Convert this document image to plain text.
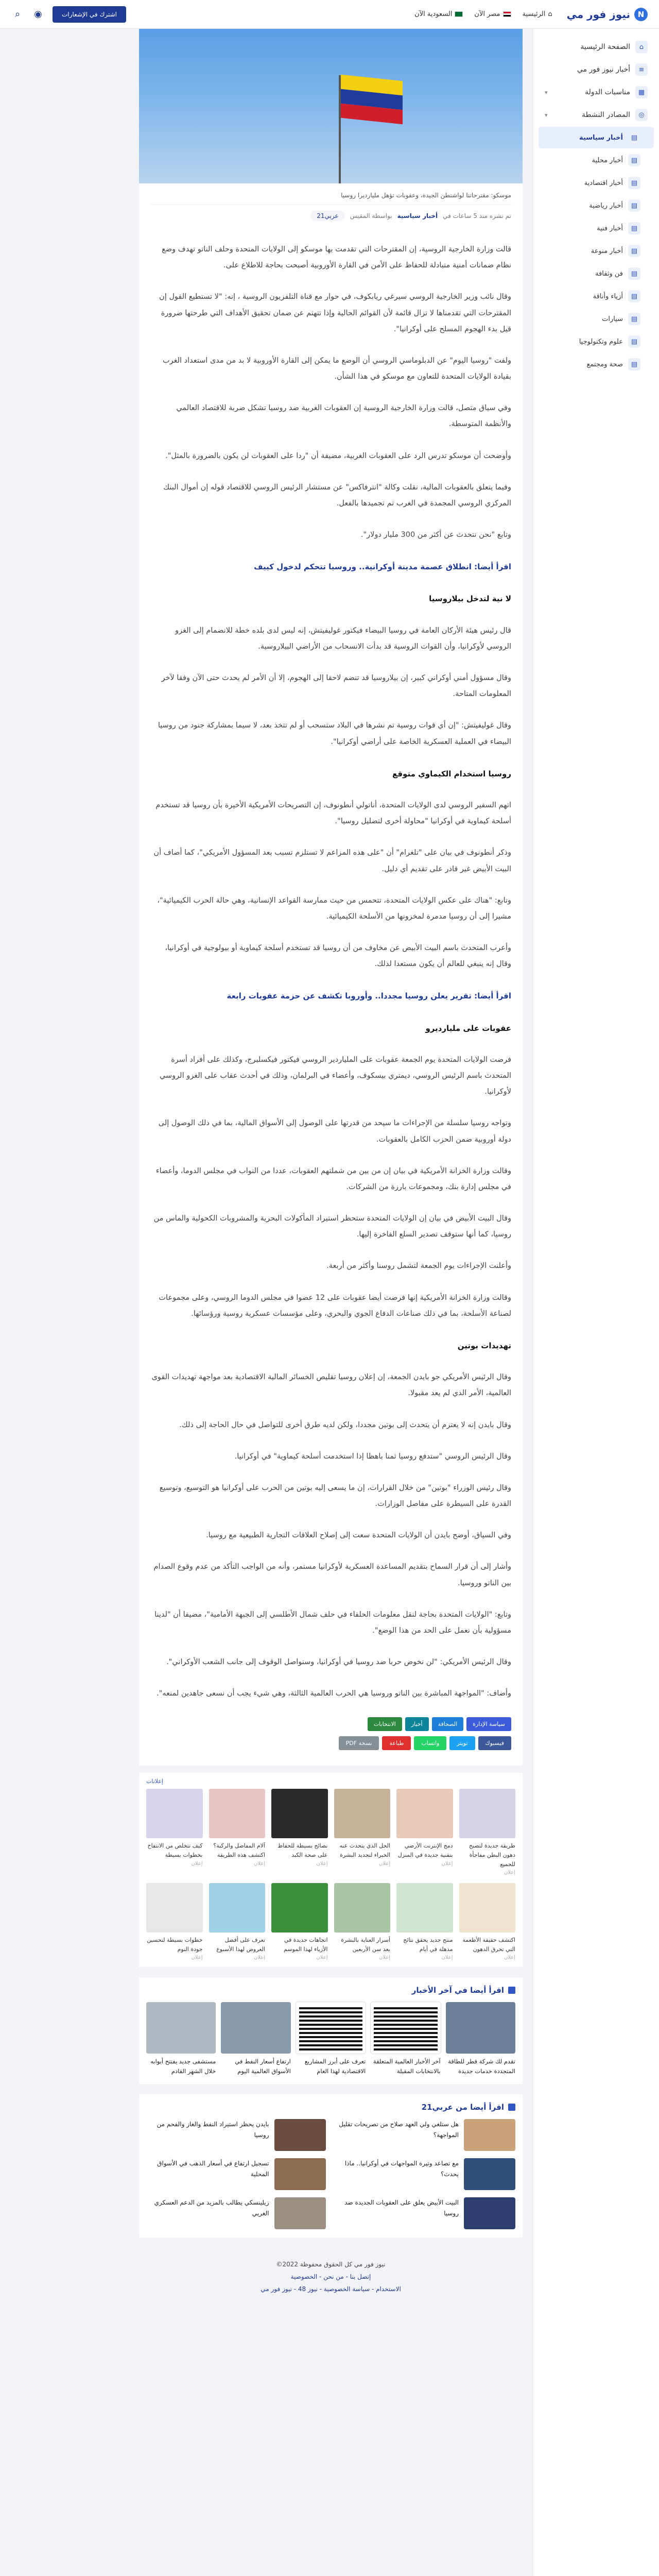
N
نيوز فور مي
⌂
الرئيسية
مصر الآن
السعودية الآن
اشترك في الإشعارات
◉
⌕
⌂
الصفحة الرئيسية
≡
أخبار نيوز فور مي
▦
مناسبات الدولة
▾
◎
المصادر النشطة
▾
▤
أخبار سياسية
▤
أخبار محلية
▤
أخبار اقتصادية
▤
أخبار رياضية
▤
أخبار فنية
▤
أخبار منوعة
▤
فن وثقافة
▤
أزياء وأناقة
▤
سيارات
▤
علوم وتكنولوجيا
▤
صحة ومجتمع
موسكو: مقترحاتنا لواشنطن الجيدة، وعقوبات تؤهل مليارديرا روسيا
تم نشره منذ 5 ساعات في
أخبار سياسية
بواسطة المقيس
عربي21

قالت وزارة الخارجية الروسية، إن المقترحات التي تقدمت بها موسكو إلى الولايات المتحدة وحلف الناتو تهدف وضع نظام ضمانات أمنية متبادلة للحفاظ على الأمن في القارة الأوروبية أصبحت بحاجة للاطلاع على.

وقال نائب وزير الخارجية الروسي سيرغي ريابكوف، في حوار مع قناة التلفزيون الروسية ، إنه: "لا تستطيع القول إن المقترحات التي تقدمناها لا تزال قائمة لأن القوائم الحالية وإذا تتهتم عن ضمان تحقيق الأهداف التي طرحتها ضرورة قيل بدء الهجوم المسلح على أوكرانيا".

ولفت "روسيا اليوم" عن الدبلوماسي الروسي أن الوضع ما يمكن إلى القارة الأوروبية لا بد من مدى استعداد الغرب بقيادة الولايات المتحدة للتعاون مع موسكو في هذا الشأن.

وفي سياق متصل، قالت وزارة الخارجية الروسية إن العقوبات الغربية ضد روسيا تشكل ضربة للاقتصاد العالمي والأنظمة المتوسطة.

وأوضحت أن موسكو تدرس الرد على العقوبات الغربية، مضيفة أن "ردا على العقوبات لن يكون بالضرورة بالمثل".

وفيما يتعلق بالعقوبات المالية، نقلت وكالة "انترفاكس" عن مستشار الرئيس الروسي للاقتصاد قوله إن أموال البنك المركزي الروسي المجمدة في الغرب تم تجميدها بالفعل.

وتابع "نحن نتحدث عن أكثر من 300 مليار دولار".

اقرأ أيضا: انطلاق عصمة مدينة أوكرانية.. وروسيا تتحكم لدخول كييف
لا نية لتدخل بيلاروسيا

قال رئيس هيئة الأركان العامة في روسيا البيضاء فيكتور غوليفيتش، إنه ليس لدى بلده خطة للانضمام إلى الغزو الروسي لأوكرانيا، وأن القوات الروسية قد بدأت الانسحاب من الأراضي البيلاروسية.

وقال مسؤول أمني أوكراني كبير، إن بيلاروسيا قد تنضم لاحقا إلى الهجوم، إلا أن الأمر لم يحدث حتى الآن وفقا لآخر المعلومات المتاحة.

وقال غوليفيتش: "إن أي قوات روسية تم نشرها في البلاد ستسحب أو لم تتخذ بعد، لا سيما بمشاركة جنود من روسيا البيضاء في العملية العسكرية الخاصة على أراضي أوكرانيا".

روسيا استخدام الكيماوي متوقع

اتهم السفير الروسي لدى الولايات المتحدة، أناتولي أنطونوف، إن التصريحات الأمريكية الأخيرة بأن روسيا قد تستخدم أسلحة كيماوية في أوكرانيا "محاولة أخرى لتضليل روسيا".

وذكر أنطونوف في بيان على "تلغرام" أن "على هذه المزاعم لا تستلزم تسبب بعد المسؤول الأمريكي"، كما أضاف أن البيت الأبيض غير قادر على تقديم أي دليل.

وتابع: "هناك على عكس الولايات المتحدة، تتحمس من حيث ممارسة القواعد الإنسانية، وهي حالة الحرب الكيميائية"، مشيرا إلى أن روسيا مدمرة لمخزونها من الأسلحة الكيميائية.

وأعرب المتحدث باسم البيت الأبيض عن مخاوف من أن روسيا قد تستخدم أسلحة كيماوية أو بيولوجية في أوكرانيا، وقال إنه ينبغي للعالم أن يكون مستعدا لذلك.

اقرأ أيضا: تقرير يعلن روسيا مجددا.. وأوروبا تكشف عن حزمة عقوبات رابعة
عقوبات على مليارديرو

فرضت الولايات المتحدة يوم الجمعة عقوبات على الملياردير الروسي فيكتور فيكسلبرج، وكذلك على أفراد أسرة المتحدث باسم الرئيس الروسي، ديمتري بيسكوف، وأعضاء في البرلمان، وذلك في أحدث عقاب على الغزو الروسي لأوكرانيا.

وتواجه روسيا سلسلة من الإجراءات ما سيحد من قدرتها على الوصول إلى الأسواق المالية، بما في ذلك الوصول إلى دولة أوروبية ضمن الحزب الكامل بالعقوبات.

وقالت وزارة الخزانة الأمريكية في بيان إن من بين من شملتهم العقوبات، عددا من النواب في مجلس الدوما، وأعضاء في مجلس إدارة بنك، ومجموعات بارزة من الشركات.

وقال البيت الأبيض في بيان إن الولايات المتحدة ستحظر استيراد المأكولات البحرية والمشروبات الكحولية والماس من روسيا، كما أنها ستوقف تصدير السلع الفاخرة إليها.

وأعلنت الإجراءات يوم الجمعة لتشمل روسنا وأكثر من أربعة.

وقالت وزارة الخزانة الأمريكية إنها فرضت أيضا عقوبات على 12 عضوا في مجلس الدوما الروسي، وعلى مجموعات لصناعة الأسلحة، بما في ذلك صناعات الدفاع الجوي والبحري، وعلى مؤسسات عسكرية روسية ورؤسائها.

تهديدات بوتين

وقال الرئيس الأمريكي جو بايدن الجمعة، إن إعلان روسيا تقليص الخسائر المالية الاقتصادية بعد مواجهة تهديدات القوى العالمية، الأمر الذي لم يعد مقبولا.

وقال بايدن إنه لا يعتزم أن يتحدث إلى بوتين مجددا، ولكن لديه طرق أخرى للتواصل في حال الحاجة إلى ذلك.

وقال الرئيس الروسي "ستدفع روسيا ثمنا باهظا إذا استخدمت أسلحة كيماوية" في أوكرانيا.

وقال رئيس الوزراء "بوتين" من خلال القرارات، إن ما يسعى إليه بوتين من الحرب على أوكرانيا هو التوسيع، وتوسيع القدرة على السيطرة على مفاصل الوزارات.

وفي السياق، أوضح بايدن أن الولايات المتحدة سعت إلى إصلاح العلاقات التجارية الطبيعية مع روسيا.

وأشار إلى أن قرار السماح بتقديم المساعدة العسكرية لأوكرانيا مستمر، وأنه من الواجب التأكد من عدم وقوع الصدام بين الناتو وروسيا.

وتابع: "الولايات المتحدة بحاجة لنقل معلومات الحلفاء في حلف شمال الأطلسي إلى الجبهة الأمامية"، مضيفا أن "لدينا مسؤولية بأن نعمل على الحد من هذا الوضع".

وقال الرئيس الأمريكي: "لن نخوض حربا ضد روسيا في أوكرانيا، وسنواصل الوقوف إلى جانب الشعب الأوكراني".

وأضاف: "المواجهة المباشرة بين الناتو وروسيا هي الحرب العالمية الثالثة، وهي شيء يجب أن نسعى جاهدين لمنعه".

سياسة الإدارة
الصحافة
أخبار
الانتخابات
فيسبوك
تويتر
واتساب
طباعة
نسخة PDF
إعلانات
طريقة جديدة لتصبح دهون البطن مفاجأة للجميع
إعلان
دمج الإنترنت الأرضي بتقنية جديدة في المنزل
إعلان
الحل الذي يتحدث عنه الخبراء لتجديد البشرة
إعلان
نصائح بسيطة للحفاظ على صحة الكبد
إعلان
آلام المفاصل والركبة؟ اكتشف هذه الطريقة
إعلان
كيف تتخلص من الانتفاخ بخطوات بسيطة
إعلان
اكتشف حقيقة الأطعمة التي تحرق الدهون
إعلان
منتج جديد يحقق نتائج مذهلة في أيام
إعلان
أسرار العناية بالبشرة بعد سن الأربعين
إعلان
اتجاهات جديدة في الأزياء لهذا الموسم
إعلان
تعرف على أفضل العروض لهذا الأسبوع
إعلان
خطوات بسيطة لتحسين جودة النوم
إعلان
اقرأ أيضا في آخر الأخبار
تقدم لك شركة قطر للطاقة المتجددة خدمات جديدة
آخر الأخبار العالمية المتعلقة بالانتخابات المقبلة
تعرف على أبرز المشاريع الاقتصادية لهذا العام
ارتفاع أسعار النفط في الأسواق العالمية اليوم
مستشفى جديد يفتتح أبوابه خلال الشهر القادم
اقرأ أيضا من عربي21
هل ستلغي ولي العهد صلاح من تصريحات تقليل المواجهة؟
بايدن يحظر استيراد النفط والغاز والفحم من روسيا
مع تصاعد وتيرة المواجهات في أوكرانيا.. ماذا يحدث؟
تسجيل ارتفاع في أسعار الذهب في الأسواق المحلية
البيت الأبيض يعلق على العقوبات الجديدة ضد روسيا
زيلينسكي يطالب بالمزيد من الدعم العسكري الغربي
نيوز فور مي كل الحقوق محفوظة 2022©
إتصل بنا - من نحن - الخصوصية
الاستخدام - سياسة الخصوصية - نيوز 48 - نيوز فور مي
